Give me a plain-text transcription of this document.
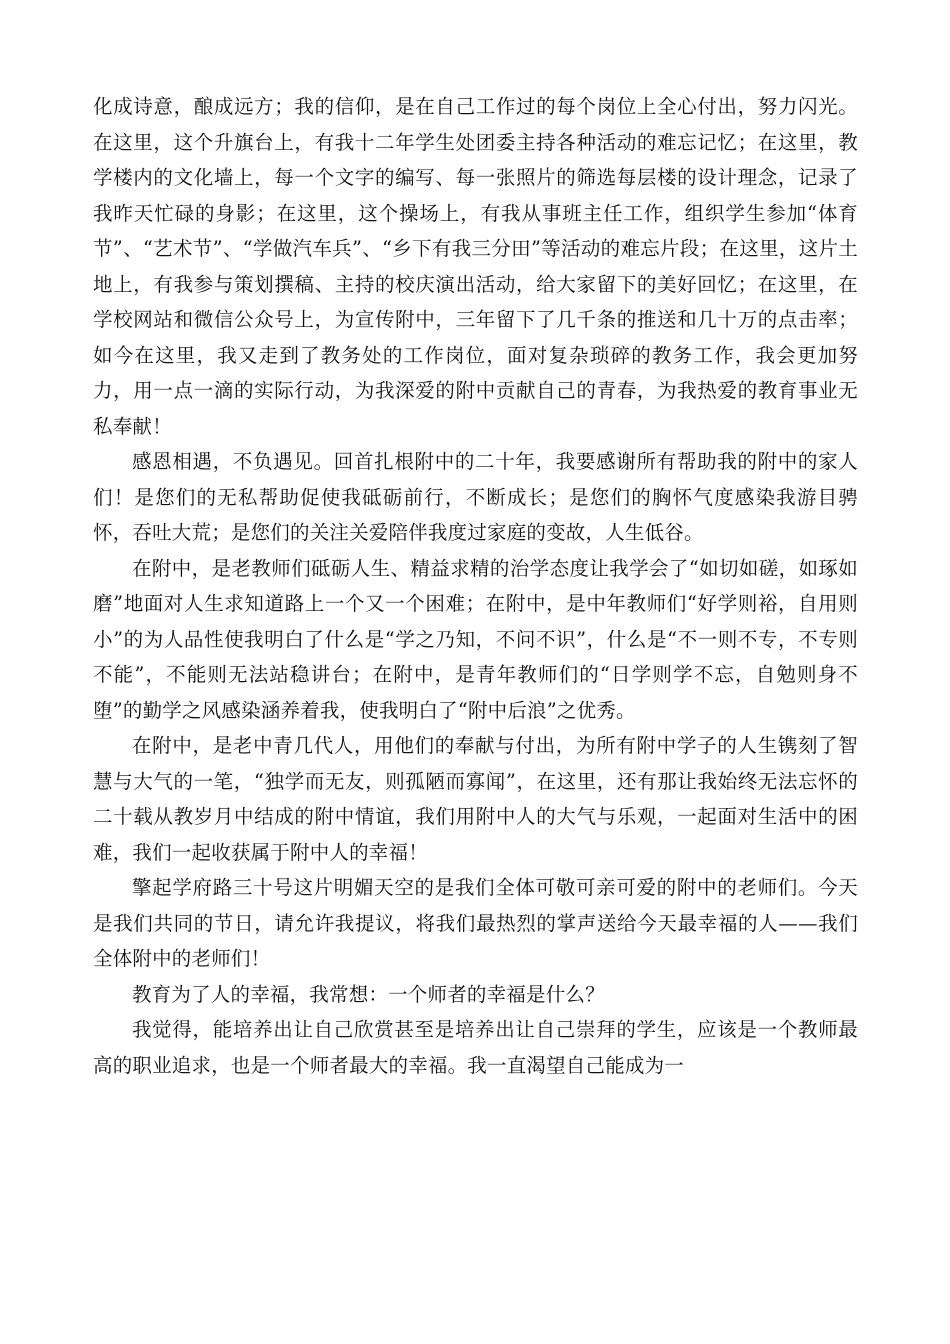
化成诗意，酿成远方；我的信仰，是在自己工作过的每个岗位上全心付出，努力闪光。在这里，这个升旗台上，有我十二年学生处团委主持各种活动的难忘记忆；在这里，教学楼内的文化墙上，每一个文字的编写、每一张照片的筛选每层楼的设计理念，记录了我昨天忙碌的身影；在这里，这个操场上，有我从事班主任工作，组织学生参加“体育节”、“艺术节”、“学做汽车兵”、“乡下有我三分田”等活动的难忘片段；在这里，这片土地上，有我参与策划撰稿、主持的校庆演出活动，给大家留下的美好回忆；在这里，在学校网站和微信公众号上，为宣传附中，三年留下了几千条的推送和几十万的点击率；如今在这里，我又走到了教务处的工作岗位，面对复杂琐碎的教务工作，我会更加努力，用一点一滴的实际行动，为我深爱的附中贡献自己的青春，为我热爱的教育事业无私奉献！

感恩相遇，不负遇见。回首扎根附中的二十年，我要感谢所有帮助我的附中的家人们！是您们的无私帮助促使我砥砺前行，不断成长；是您们的胸怀气度感染我游目骋怀，吞吐大荒；是您们的关注关爱陪伴我度过家庭的变故，人生低谷。

在附中，是老教师们砥砺人生、精益求精的治学态度让我学会了“如切如磋，如琢如磨”地面对人生求知道路上一个又一个困难；在附中，是中年教师们“好学则裕，自用则小”的为人品性使我明白了什么是“学之乃知，不问不识”，什么是“不一则不专，不专则不能”，不能则无法站稳讲台；在附中，是青年教师们的“日学则学不忘，自勉则身不堕”的勤学之风感染涵养着我，使我明白了“附中后浪”之优秀。

在附中，是老中青几代人，用他们的奉献与付出，为所有附中学子的人生镌刻了智慧与大气的一笔，“独学而无友，则孤陋而寡闻”，在这里，还有那让我始终无法忘怀的二十载从教岁月中结成的附中情谊，我们用附中人的大气与乐观，一起面对生活中的困难，我们一起收获属于附中人的幸福！

擎起学府路三十号这片明媚天空的是我们全体可敬可亲可爱的附中的老师们。今天是我们共同的节日，请允许我提议，将我们最热烈的掌声送给今天最幸福的人——我们全体附中的老师们！

教育为了人的幸福，我常想：一个师者的幸福是什么？

我觉得，能培养出让自己欣赏甚至是培养出让自己崇拜的学生，应该是一个教师最高的职业追求，也是一个师者最大的幸福。我一直渴望自己能成为一
